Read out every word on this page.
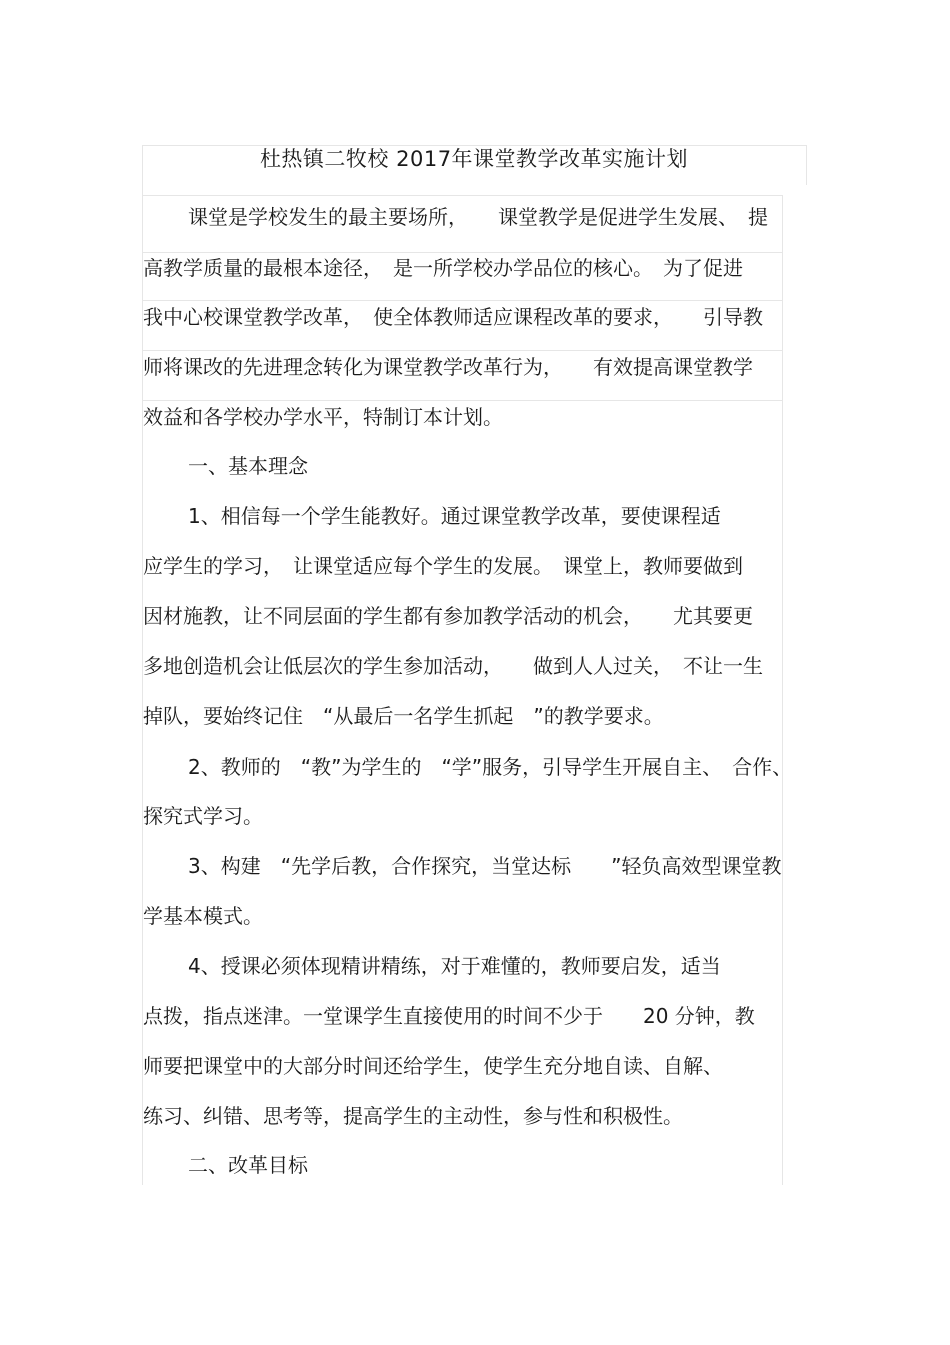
杜热镇二牧校 2017年课堂教学改革实施计划
课堂是学校发生的最主要场所，　　课堂教学是促进学生发展、　提
高教学质量的最根本途径，　是一所学校办学品位的核心。　为了促进
我中心校课堂教学改革，　使全体教师适应课程改革的要求，　　引导教
师将课改的先进理念转化为课堂教学改革行为，　　有效提高课堂教学
效益和各学校办学水平，特制订本计划。
一、基本理念
1、相信每一个学生能教好。通过课堂教学改革，要使课程适
应学生的学习，　让课堂适应每个学生的发展。　课堂上，教师要做到
因材施教，让不同层面的学生都有参加教学活动的机会，　　尤其要更
多地创造机会让低层次的学生参加活动，　　做到人人过关，　不让一生
掉队，要始终记住　“从最后一名学生抓起　”的教学要求。
2、教师的　“教”为学生的　“学”服务，引导学生开展自主、　合作、
探究式学习。
3、构建　“先学后教，合作探究，当堂达标　　”轻负高效型课堂教
学基本模式。
4、授课必须体现精讲精练，对于难懂的，教师要启发，适当
点拨，指点迷津。一堂课学生直接使用的时间不少于　　20 分钟，教
师要把课堂中的大部分时间还给学生，使学生充分地自读、自解、
练习、纠错、思考等，提高学生的主动性，参与性和积极性。
二、改革目标
